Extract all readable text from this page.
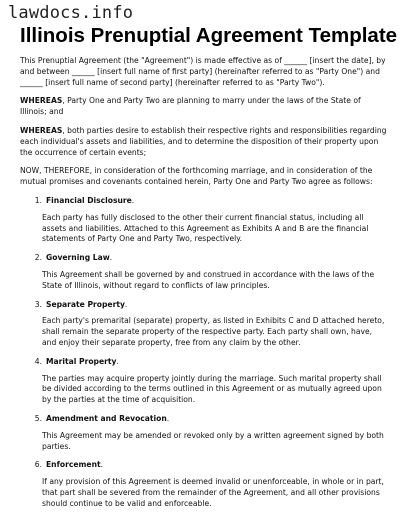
lawdocs.info
Illinois Prenuptial Agreement Template

This Prenuptial Agreement (the "Agreement") is made effective as of ______ [insert the date], by and between ______ [insert full name of first party] (hereinafter referred to as "Party One") and ______ [insert full name of second party] (hereinafter referred to as "Party Two").

WHEREAS, Party One and Party Two are planning to marry under the laws of the State of Illinois; and

WHEREAS, both parties desire to establish their respective rights and responsibilities regarding each individual's assets and liabilities, and to determine the disposition of their property upon the occurrence of certain events;

NOW, THEREFORE, in consideration of the forthcoming marriage, and in consideration of the mutual promises and covenants contained herein, Party One and Party Two agree as follows:

1. Financial Disclosure.
Each party has fully disclosed to the other their current financial status, including all assets and liabilities. Attached to this Agreement as Exhibits A and B are the financial statements of Party One and Party Two, respectively.
2. Governing Law.
This Agreement shall be governed by and construed in accordance with the laws of the State of Illinois, without regard to conflicts of law principles.
3. Separate Property.
Each party's premarital (separate) property, as listed in Exhibits C and D attached hereto, shall remain the separate property of the respective party. Each party shall own, have, and enjoy their separate property, free from any claim by the other.
4. Marital Property.
The parties may acquire property jointly during the marriage. Such marital property shall be divided according to the terms outlined in this Agreement or as mutually agreed upon by the parties at the time of acquisition.
5. Amendment and Revocation.
This Agreement may be amended or revoked only by a written agreement signed by both parties.
6. Enforcement.
If any provision of this Agreement is deemed invalid or unenforceable, in whole or in part, that part shall be severed from the remainder of the Agreement, and all other provisions should continue to be valid and enforceable.
